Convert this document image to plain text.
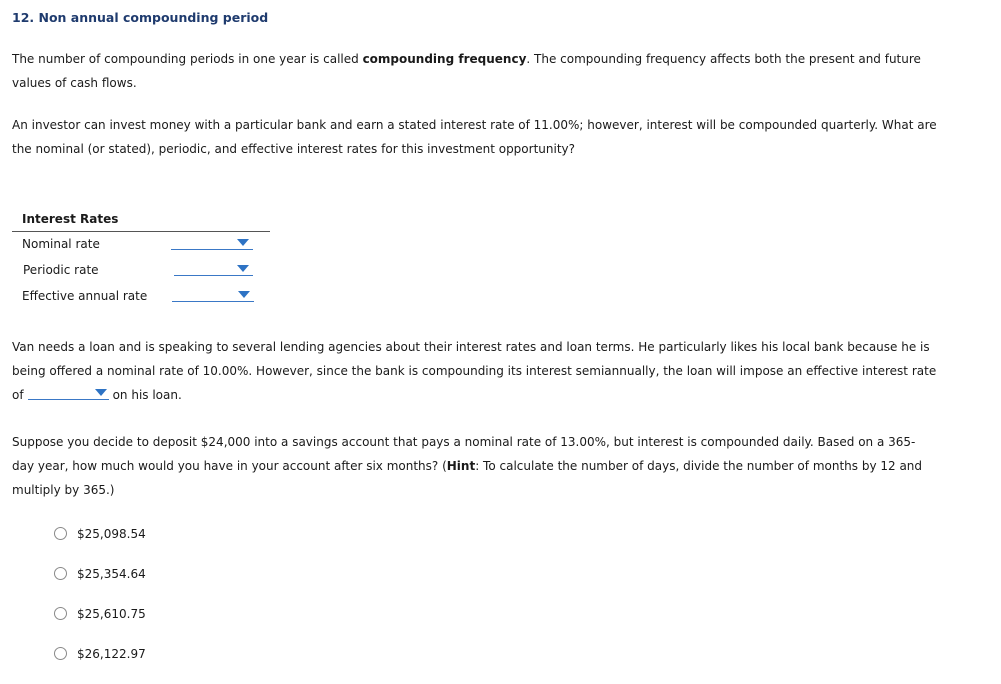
12. Non annual compounding period

The number of compounding periods in one year is called compounding frequency. The compounding frequency affects both the present and future values of cash flows.

An investor can invest money with a particular bank and earn a stated interest rate of 11.00%; however, interest will be compounded quarterly. What are the nominal (or stated), periodic, and effective interest rates for this investment opportunity?

Interest Rates
Nominal rate
Periodic rate
Effective annual rate

Van needs a loan and is speaking to several lending agencies about their interest rates and loan terms. He particularly likes his local bank because he is being offered a nominal rate of 10.00%. However, since the bank is compounding its interest semiannually, the loan will impose an effective interest rate of	on his loan.

Suppose you decide to deposit $24,000 into a savings account that pays a nominal rate of 13.00%, but interest is compounded daily. Based on a 365-day year, how much would you have in your account after six months? (Hint: To calculate the number of days, divide the number of months by 12 and multiply by 365.)

$25,098.54
$25,354.64
$25,610.75
$26,122.97
